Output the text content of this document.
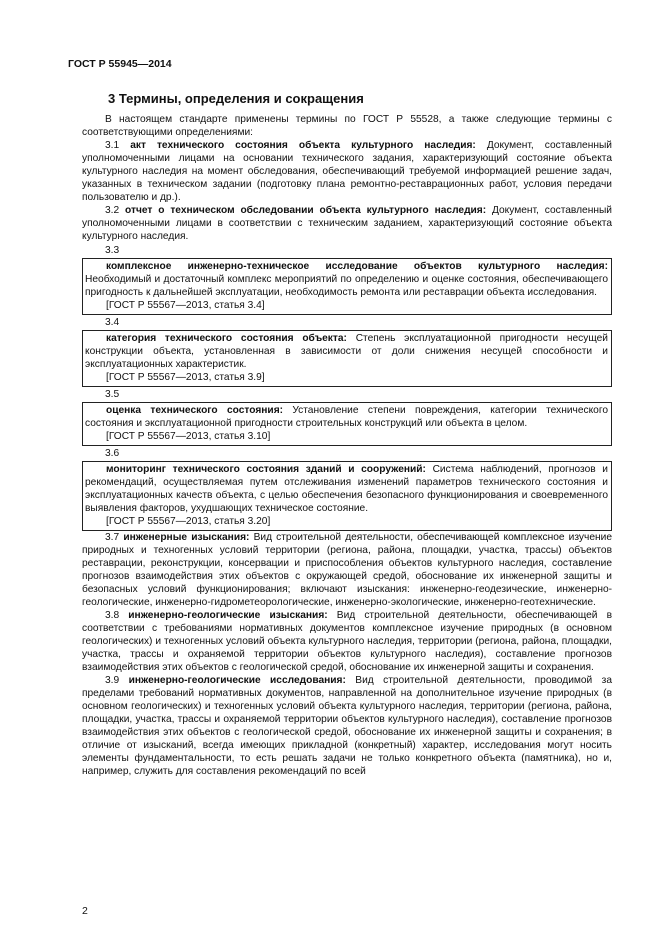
ГОСТ Р 55945—2014
3 Термины, определения и сокращения

В настоящем стандарте применены термины по ГОСТ Р 55528, а также следующие термины с соответствующими определениями:

3.1 акт технического состояния объекта культурного наследия: Документ, составленный уполномоченными лицами на основании технического задания, характеризующий состояние объекта культурного наследия на момент обследования, обеспечивающий требуемой информацией решение задач, указанных в техническом задании (подготовку плана ремонтно-реставрационных работ, условия передачи пользователю и др.).

3.2 отчет о техническом обследовании объекта культурного наследия: Документ, составленный уполномоченными лицами в соответствии с техническим заданием, характеризующий состояние объекта культурного наследия.

3.3

комплексное инженерно-техническое исследование объектов культурного наследия: Необходимый и достаточный комплекс мероприятий по определению и оценке состояния, обеспечивающего пригодность к дальнейшей эксплуатации, необходимость ремонта или реставрации объекта исследования.

[ГОСТ Р 55567—2013, статья 3.4]

3.4

категория технического состояния объекта: Степень эксплуатационной пригодности несущей конструкции объекта, установленная в зависимости от доли снижения несущей способности и эксплуатационных характеристик.

[ГОСТ Р 55567—2013, статья 3.9]

3.5

оценка технического состояния: Установление степени повреждения, категории технического состояния и эксплуатационной пригодности строительных конструкций или объекта в целом.

[ГОСТ Р 55567—2013, статья 3.10]

3.6

мониторинг технического состояния зданий и сооружений: Система наблюдений, прогнозов и рекомендаций, осуществляемая путем отслеживания изменений параметров технического состояния и эксплуатационных качеств объекта, с целью обеспечения безопасного функционирования и своевременного выявления факторов, ухудшающих техническое состояние.

[ГОСТ Р 55567—2013, статья 3.20]

3.7 инженерные изыскания: Вид строительной деятельности, обеспечивающей комплексное изучение природных и техногенных условий территории (региона, района, площадки, участка, трассы) объектов реставрации, реконструкции, консервации и приспособления объектов культурного наследия, составление прогнозов взаимодействия этих объектов с окружающей средой, обоснование их инженерной защиты и безопасных условий функционирования; включают изыскания: инженерно-геодезические, инженерно-геологические, инженерно-гидрометеорологические, инженерно-экологические, инженерно-геотехнические.

3.8 инженерно-геологические изыскания: Вид строительной деятельности, обеспечивающей в соответствии с требованиями нормативных документов комплексное изучение природных (в основном геологических) и техногенных условий объекта культурного наследия, территории (региона, района, площадки, участка, трассы и охраняемой территории объектов культурного наследия), составление прогнозов взаимодействия этих объектов с геологической средой, обоснование их инженерной защиты и сохранения.

3.9 инженерно-геологические исследования: Вид строительной деятельности, проводимой за пределами требований нормативных документов, направленной на дополнительное изучение природных (в основном геологических) и техногенных условий объекта культурного наследия, территории (региона, района, площадки, участка, трассы и охраняемой территории объектов культурного наследия), составление прогнозов взаимодействия этих объектов с геологической средой, обоснование их инженерной защиты и сохранения; в отличие от изысканий, всегда имеющих прикладной (конкретный) характер, исследования могут носить элементы фундаментальности, то есть решать задачи не только конкретного объекта (памятника), но и, например, служить для составления рекомендаций по всей

2
